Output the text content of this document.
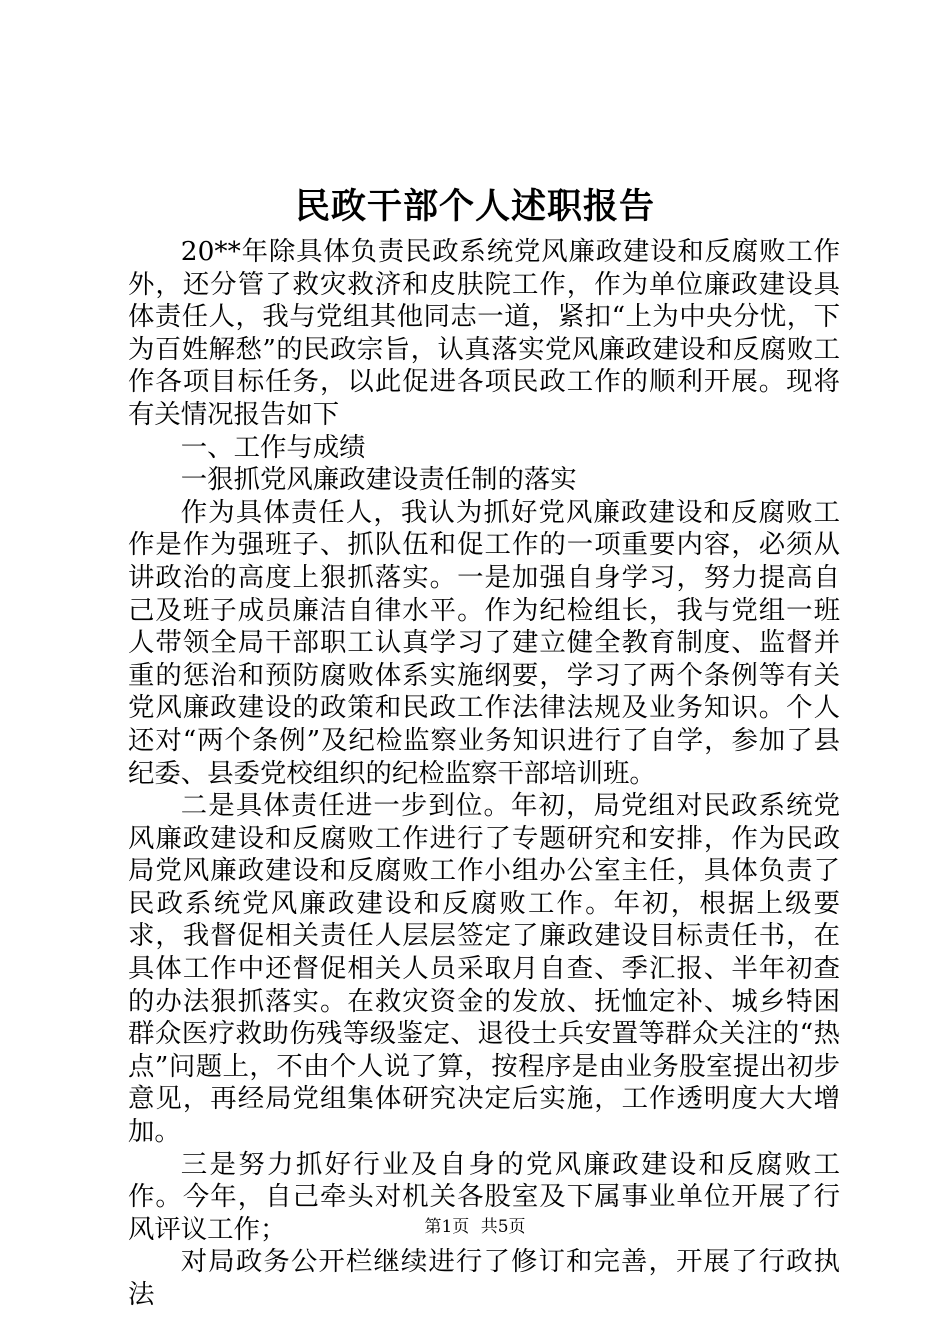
民政干部个人述职报告

20**年除具体负责民政系统党风廉政建设和反腐败工作外，还分管了救灾救济和皮肤院工作，作为单位廉政建设具体责任人，我与党组其他同志一道，紧扣“上为中央分忧，下为百姓解愁”的民政宗旨，认真落实党风廉政建设和反腐败工作各项目标任务，以此促进各项民政工作的顺利开展。现将有关情况报告如下

一、工作与成绩

一狠抓党风廉政建设责任制的落实

作为具体责任人，我认为抓好党风廉政建设和反腐败工作是作为强班子、抓队伍和促工作的一项重要内容，必须从讲政治的高度上狠抓落实。一是加强自身学习，努力提高自己及班子成员廉洁自律水平。作为纪检组长，我与党组一班人带领全局干部职工认真学习了建立健全教育制度、监督并重的惩治和预防腐败体系实施纲要，学习了两个条例等有关党风廉政建设的政策和民政工作法律法规及业务知识。个人还对“两个条例”及纪检监察业务知识进行了自学，参加了县纪委、县委党校组织的纪检监察干部培训班。

二是具体责任进一步到位。年初，局党组对民政系统党风廉政建设和反腐败工作进行了专题研究和安排，作为民政局党风廉政建设和反腐败工作小组办公室主任，具体负责了民政系统党风廉政建设和反腐败工作。年初，根据上级要求，我督促相关责任人层层签定了廉政建设目标责任书，在具体工作中还督促相关人员采取月自查、季汇报、半年初查的办法狠抓落实。在救灾资金的发放、抚恤定补、城乡特困群众医疗救助伤残等级鉴定、退役士兵安置等群众关注的“热点”问题上，不由个人说了算，按程序是由业务股室提出初步意见，再经局党组集体研究决定后实施，工作透明度大大增加。

三是努力抓好行业及自身的党风廉政建设和反腐败工作。今年，自己牵头对机关各股室及下属事业单位开展了行风评议工作；

对局政务公开栏继续进行了修订和完善，开展了行政执法

第1页 共5页
